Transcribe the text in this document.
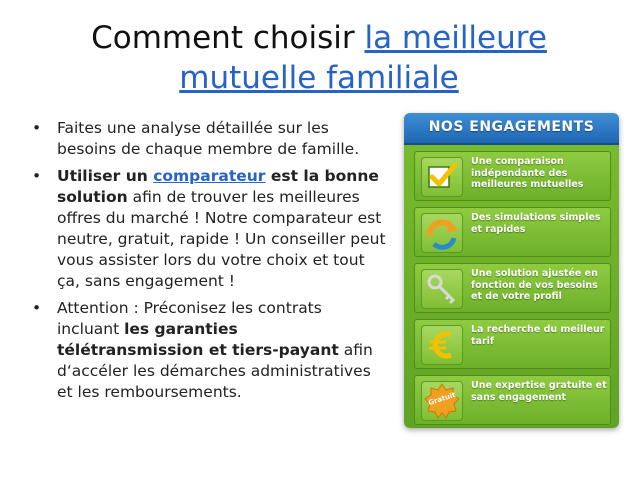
Comment choisir la meilleure mutuelle familiale
• Faites une analyse détaillée sur les besoins de chaque membre de famille.
• Utiliser un comparateur est la bonne solution afin de trouver les meilleures offres du marché ! Notre comparateur est neutre, gratuit, rapide ! Un conseiller peut vous assister lors du votre choix et tout ça, sans engagement !
• Attention : Préconisez les contrats incluant les garanties télétransmission et tiers-payant afin d‘accéler les démarches administratives et les remboursements.
NOS ENGAGEMENTS
Une comparaison indépendante des meilleures mutuelles
Des simulations simples et rapides
Une solution ajustée en fonction de vos besoins et de votre profil
La recherche du meilleur tarif
Gratuit
Une expertise gratuite et sans engagement
